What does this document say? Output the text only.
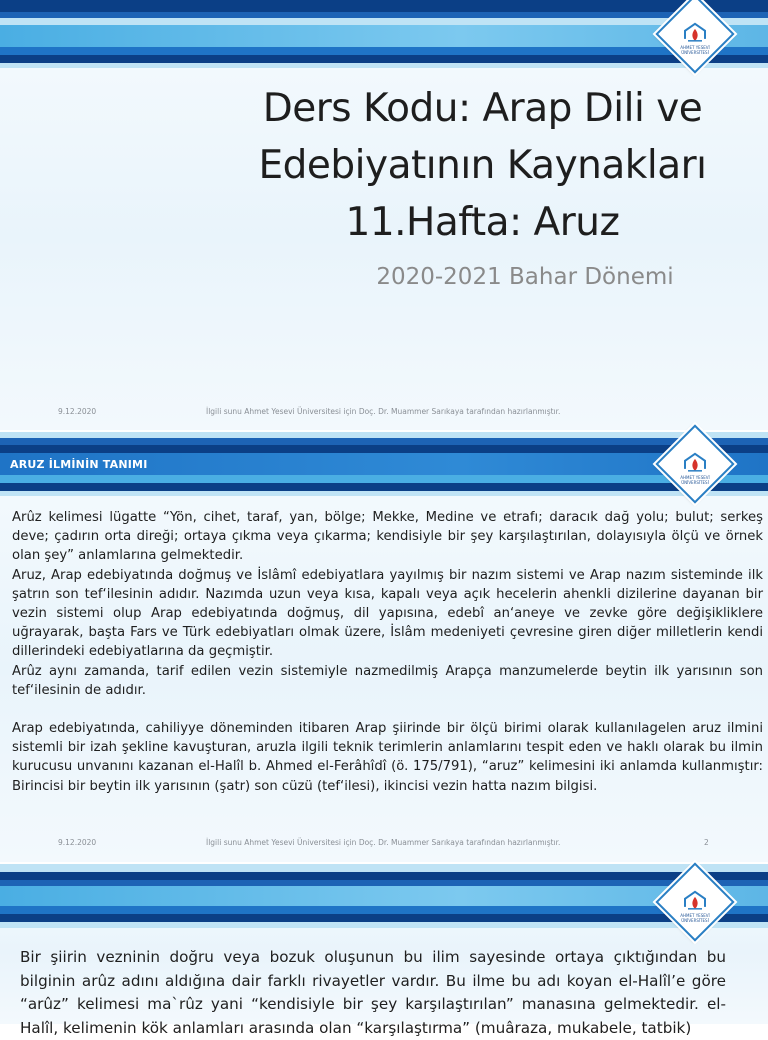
AHMET YESEVİ
ÜNİVERSİTESİ
Ders Kodu: Arap Dili ve
Edebiyatının Kaynakları
11.Hafta: Aruz
2020-2021 Bahar Dönemi
9.12.2020	İlgili sunu Ahmet Yesevi Üniversitesi için Doç. Dr. Muammer Sarıkaya tarafından hazırlanmıştır.
ARUZ İLMİNİN TANIMI
AHMET YESEVİ
ÜNİVERSİTESİ

Arûz kelimesi lügatte “Yön, cihet, taraf, yan, bölge; Mekke, Medine ve etrafı; daracık dağ yolu; bulut; serkeş deve; çadırın orta direği; ortaya çıkma veya çıkarma; kendisiyle bir şey karşılaştırılan, dolayısıyla ölçü ve örnek olan şey” anlamlarına gelmektedir.

Aruz, Arap edebiyatında doğmuş ve İslâmî edebiyatlara yayılmış bir nazım sistemi ve Arap nazım sisteminde ilk şatrın son tef‘ilesinin adıdır. Nazımda uzun veya kısa, kapalı veya açık hecelerin ahenkli dizilerine dayanan bir vezin sistemi olup Arap edebiyatında doğmuş, dil yapısına, edebî an‘aneye ve zevke göre değişikliklere uğrayarak, başta Fars ve Türk edebiyatları olmak üzere, İslâm medeniyeti çevresine giren diğer milletlerin kendi dillerindeki edebiyatlarına da geçmiştir.

Arûz aynı zamanda, tarif edilen vezin sistemiyle nazmedilmiş Arapça manzumelerde beytin ilk yarısının son tef‘ilesinin de adıdır.

Arap edebiyatında, cahiliyye döneminden itibaren Arap şiirinde bir ölçü birimi olarak kullanılagelen aruz ilmini sistemli bir izah şekline kavuşturan, aruzla ilgili teknik terimlerin anlamlarını tespit eden ve haklı olarak bu ilmin kurucusu unvanını kazanan el-Halîl b. Ahmed el-Ferâhîdî (ö. 175/791), “aruz” kelimesini iki anlamda kullanmıştır: Birincisi bir beytin ilk yarısının (şatr) son cüzü (tef‘ilesi), ikincisi vezin hatta nazım bilgisi.

9.12.2020	İlgili sunu Ahmet Yesevi Üniversitesi için Doç. Dr. Muammer Sarıkaya tarafından hazırlanmıştır.	2
AHMET YESEVİ
ÜNİVERSİTESİ
Bir şiirin vezninin doğru veya bozuk oluşunun bu ilim sayesinde ortaya çıktığından bu bilginin arûz adını aldığına dair farklı rivayetler vardır. Bu ilme bu adı koyan el-Halîl’e göre “arûz” kelimesi ma`rûz yani “kendisiyle bir şey karşılaştırılan” manasına gelmektedir. el-Halîl, kelimenin kök anlamları arasında olan “karşılaştırma” (muâraza, mukabele, tatbik)
